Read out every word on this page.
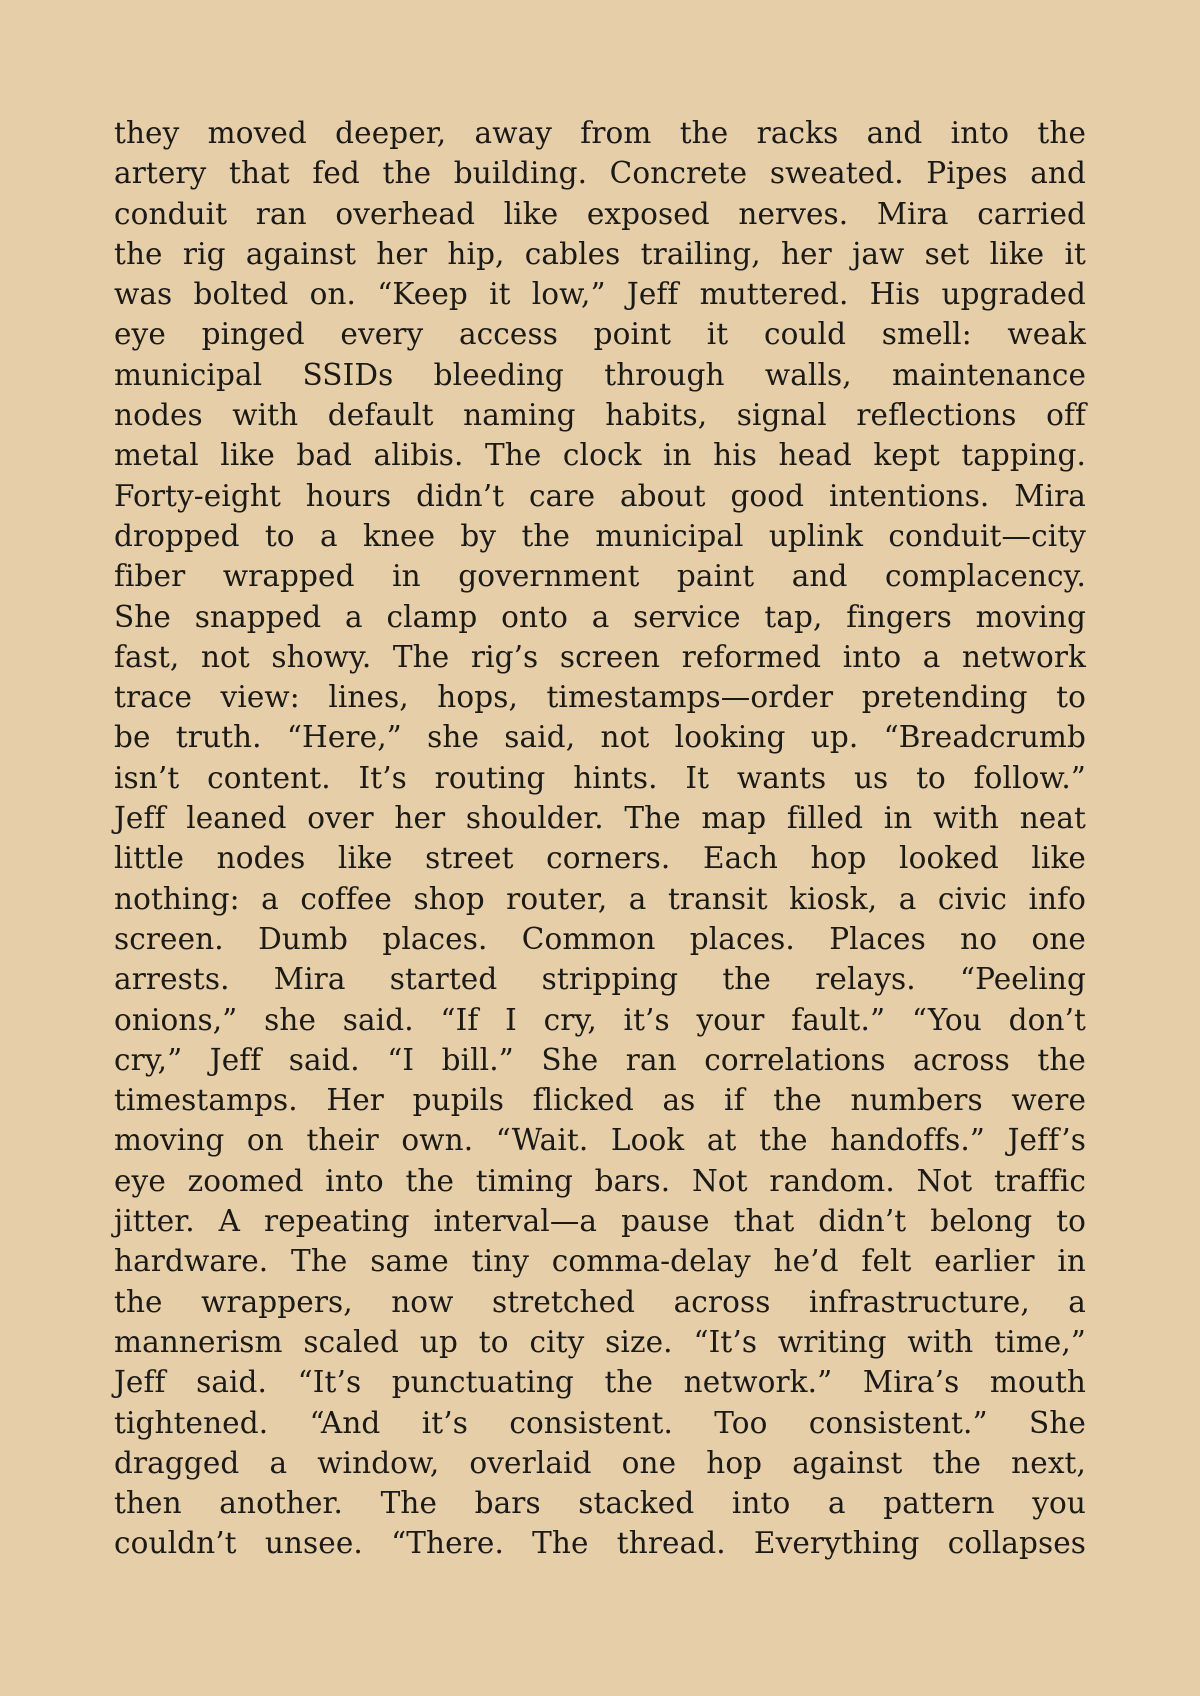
they moved deeper, away from the racks and into the
artery that fed the building. Concrete sweated. Pipes and
conduit ran overhead like exposed nerves. Mira carried
the rig against her hip, cables trailing, her jaw set like it
was bolted on. “Keep it low,” Jeff muttered. His upgraded
eye pinged every access point it could smell: weak
municipal SSIDs bleeding through walls, maintenance
nodes with default naming habits, signal reflections off
metal like bad alibis. The clock in his head kept tapping.
Forty-eight hours didn’t care about good intentions. Mira
dropped to a knee by the municipal uplink conduit—city
fiber wrapped in government paint and complacency.
She snapped a clamp onto a service tap, fingers moving
fast, not showy. The rig’s screen reformed into a network
trace view: lines, hops, timestamps—order pretending to
be truth. “Here,” she said, not looking up. “Breadcrumb
isn’t content. It’s routing hints. It wants us to follow.”
Jeff leaned over her shoulder. The map filled in with neat
little nodes like street corners. Each hop looked like
nothing: a coffee shop router, a transit kiosk, a civic info
screen. Dumb places. Common places. Places no one
arrests. Mira started stripping the relays. “Peeling
onions,” she said. “If I cry, it’s your fault.” “You don’t
cry,” Jeff said. “I bill.” She ran correlations across the
timestamps. Her pupils flicked as if the numbers were
moving on their own. “Wait. Look at the handoffs.” Jeff’s
eye zoomed into the timing bars. Not random. Not traffic
jitter. A repeating interval—a pause that didn’t belong to
hardware. The same tiny comma-delay he’d felt earlier in
the wrappers, now stretched across infrastructure, a
mannerism scaled up to city size. “It’s writing with time,”
Jeff said. “It’s punctuating the network.” Mira’s mouth
tightened. “And it’s consistent. Too consistent.” She
dragged a window, overlaid one hop against the next,
then another. The bars stacked into a pattern you
couldn’t unsee. “There. The thread. Everything collapses
